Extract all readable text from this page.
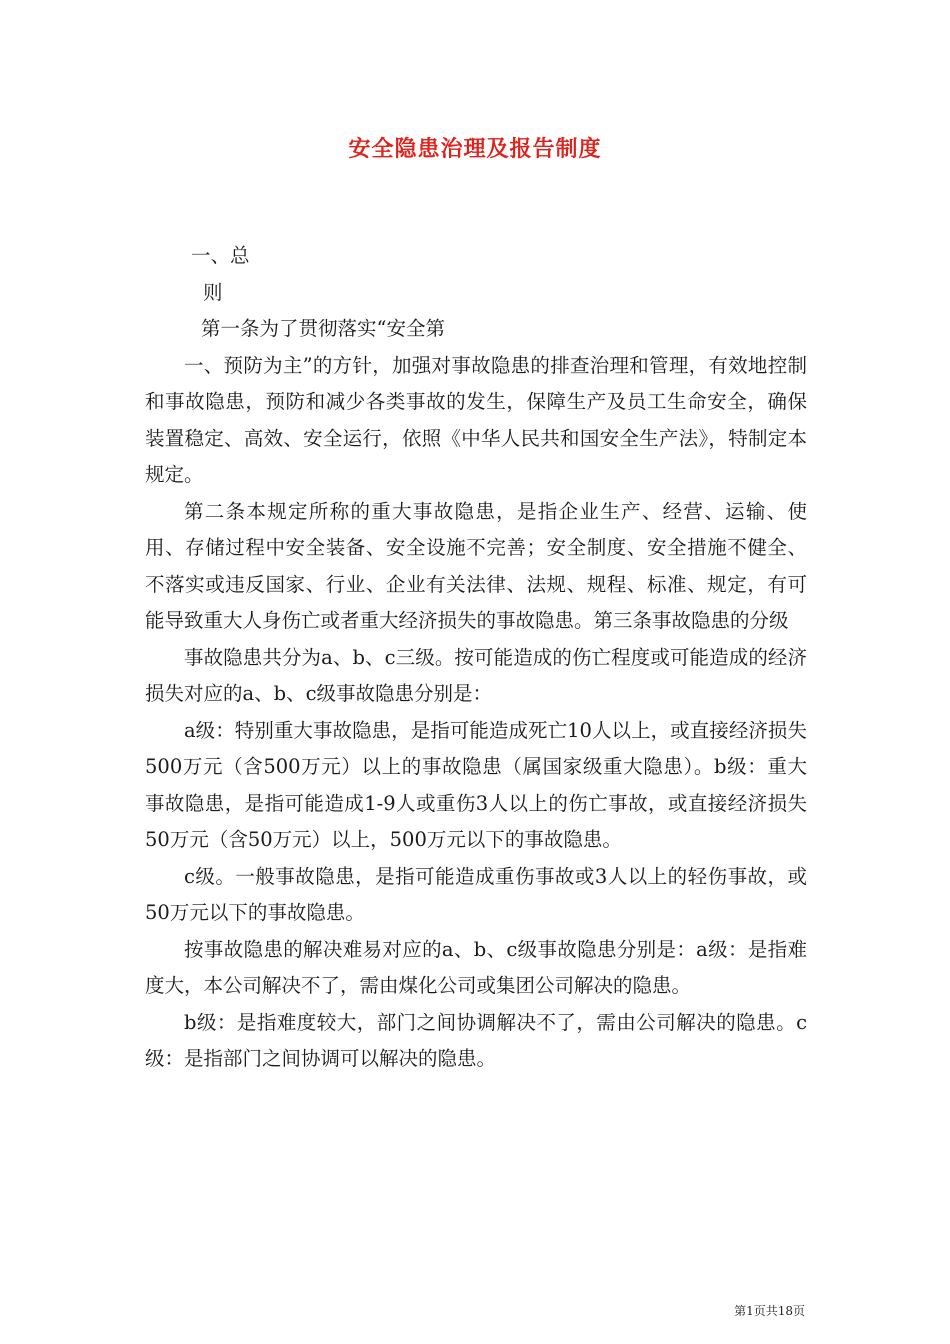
安全隐患治理及报告制度
一、总
则
第一条为了贯彻落实“安全第

一、预防为主”的方针，加强对事故隐患的排查治理和管理，有效地控制和事故隐患，预防和减少各类事故的发生，保障生产及员工生命安全，确保装置稳定、高效、安全运行，依照《中华人民共和国安全生产法》，特制定本规定。

第二条本规定所称的重大事故隐患，是指企业生产、经营、运输、使用、存储过程中安全装备、安全设施不完善；安全制度、安全措施不健全、不落实或违反国家、行业、企业有关法律、法规、规程、标准、规定，有可能导致重大人身伤亡或者重大经济损失的事故隐患。第三条事故隐患的分级

事故隐患共分为a、b、c三级。按可能造成的伤亡程度或可能造成的经济损失对应的a、b、c级事故隐患分别是：

a级：特别重大事故隐患，是指可能造成死亡10人以上，或直接经济损失500万元（含500万元）以上的事故隐患（属国家级重大隐患）。b级：重大事故隐患，是指可能造成1-9人或重伤3人以上的伤亡事故，或直接经济损失50万元（含50万元）以上，500万元以下的事故隐患。

c级。一般事故隐患，是指可能造成重伤事故或3人以上的轻伤事故，或50万元以下的事故隐患。

按事故隐患的解决难易对应的a、b、c级事故隐患分别是：a级：是指难度大，本公司解决不了，需由煤化公司或集团公司解决的隐患。

b级：是指难度较大，部门之间协调解决不了，需由公司解决的隐患。c级：是指部门之间协调可以解决的隐患。

第1页共18页
